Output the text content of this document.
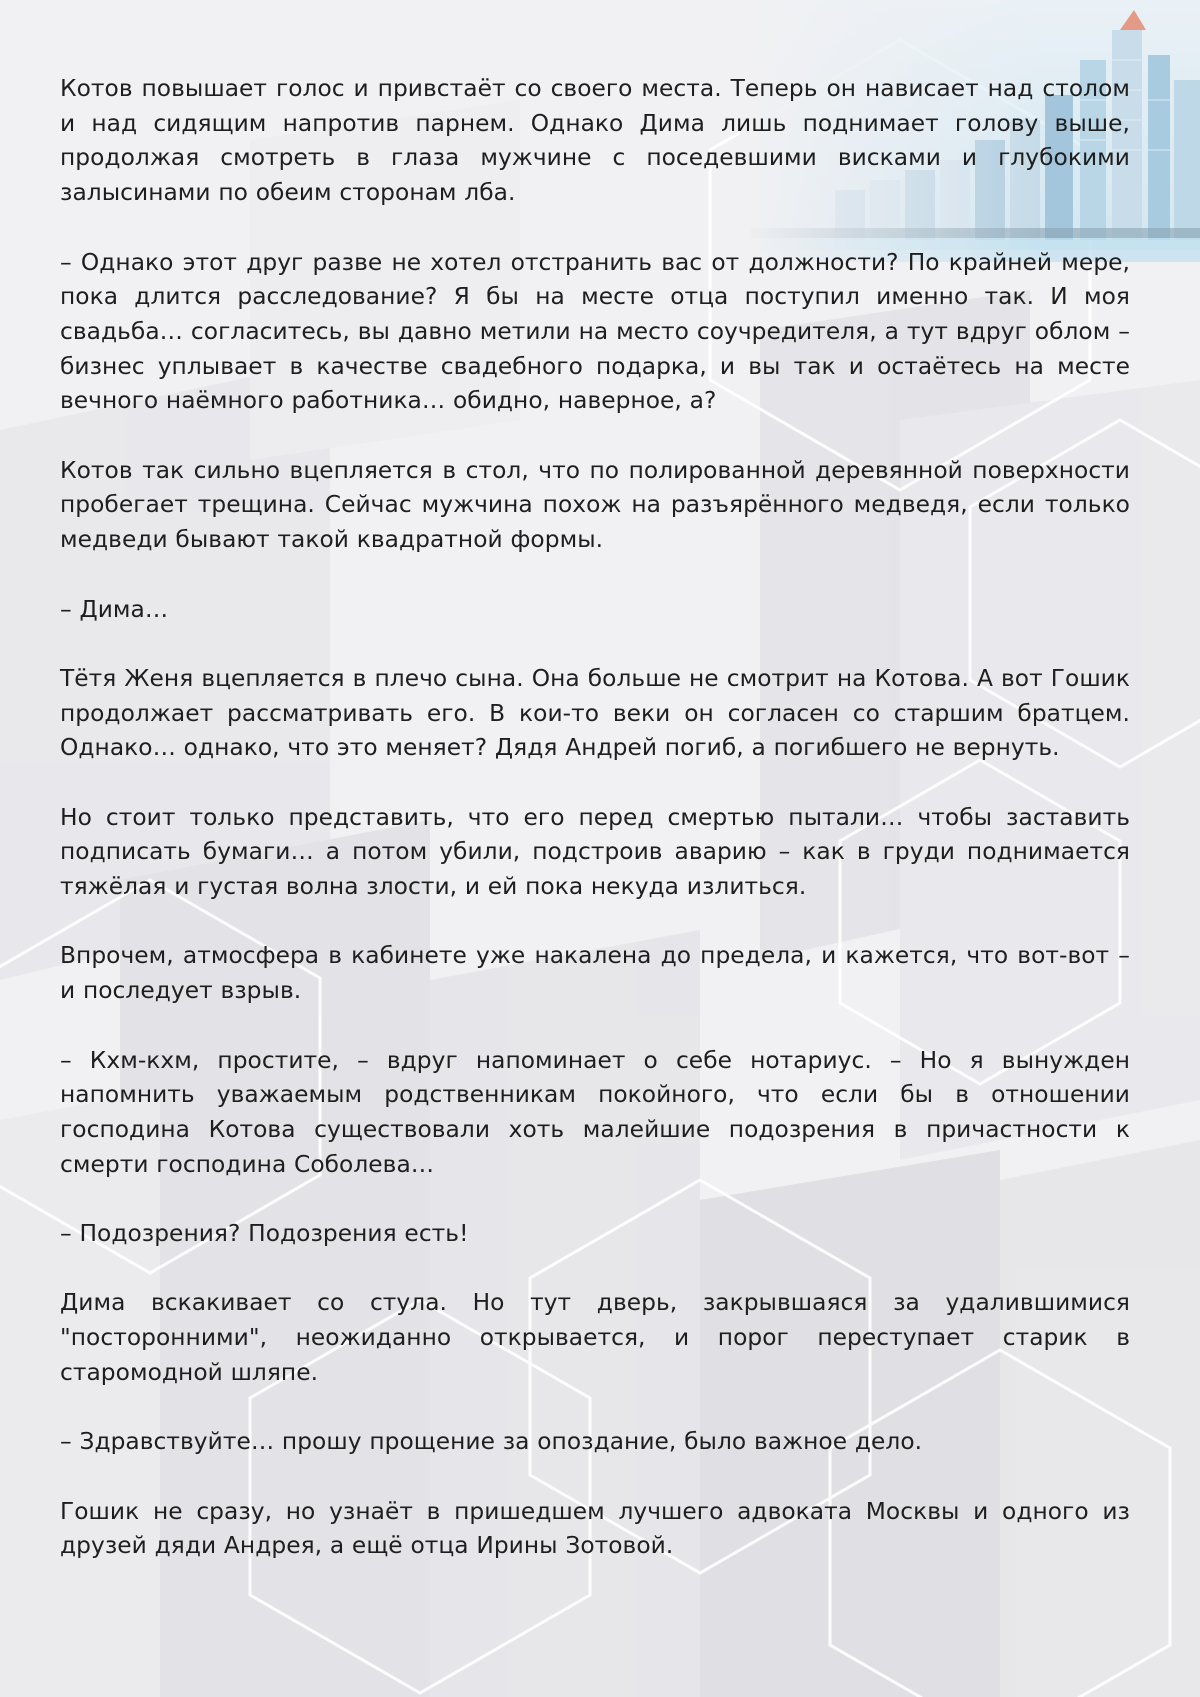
Котов повышает голос и привстаёт со своего места. Теперь он нависает над столом и над сидящим напротив парнем. Однако Дима лишь поднимает голову выше, продолжая смотреть в глаза мужчине с поседевшими висками и глубокими залысинами по обеим сторонам лба.

– Однако этот друг разве не хотел отстранить вас от должности? По крайней мере, пока длится расследование? Я бы на месте отца поступил именно так. И моя свадьба… согласитесь, вы давно метили на место соучредителя, а тут вдруг облом – бизнес уплывает в качестве свадебного подарка, и вы так и остаётесь на месте вечного наёмного работника… обидно, наверное, а?

Котов так сильно вцепляется в стол, что по полированной деревянной поверхности пробегает трещина. Сейчас мужчина похож на разъярённого медведя, если только медведи бывают такой квадратной формы.

– Дима…

Тётя Женя вцепляется в плечо сына. Она больше не смотрит на Котова. А вот Гошик продолжает рассматривать его. В кои-то веки он согласен со старшим братцем. Однако… однако, что это меняет? Дядя Андрей погиб, а погибшего не вернуть.

Но стоит только представить, что его перед смертью пытали… чтобы заставить подписать бумаги… а потом убили, подстроив аварию – как в груди поднимается тяжёлая и густая волна злости, и ей пока некуда излиться.

Впрочем, атмосфера в кабинете уже накалена до предела, и кажется, что вот-вот – и последует взрыв.

– Кхм-кхм, простите, – вдруг напоминает о себе нотариус. – Но я вынужден напомнить уважаемым родственникам покойного, что если бы в отношении господина Котова существовали хоть малейшие подозрения в причастности к смерти господина Соболева…

– Подозрения? Подозрения есть!

Дима вскакивает со стула. Но тут дверь, закрывшаяся за удалившимися "посторонними", неожиданно открывается, и порог переступает старик в старомодной шляпе.

– Здравствуйте… прошу прощение за опоздание, было важное дело.

Гошик не сразу, но узнаёт в пришедшем лучшего адвоката Москвы и одного из друзей дяди Андрея, а ещё отца Ирины Зотовой.
